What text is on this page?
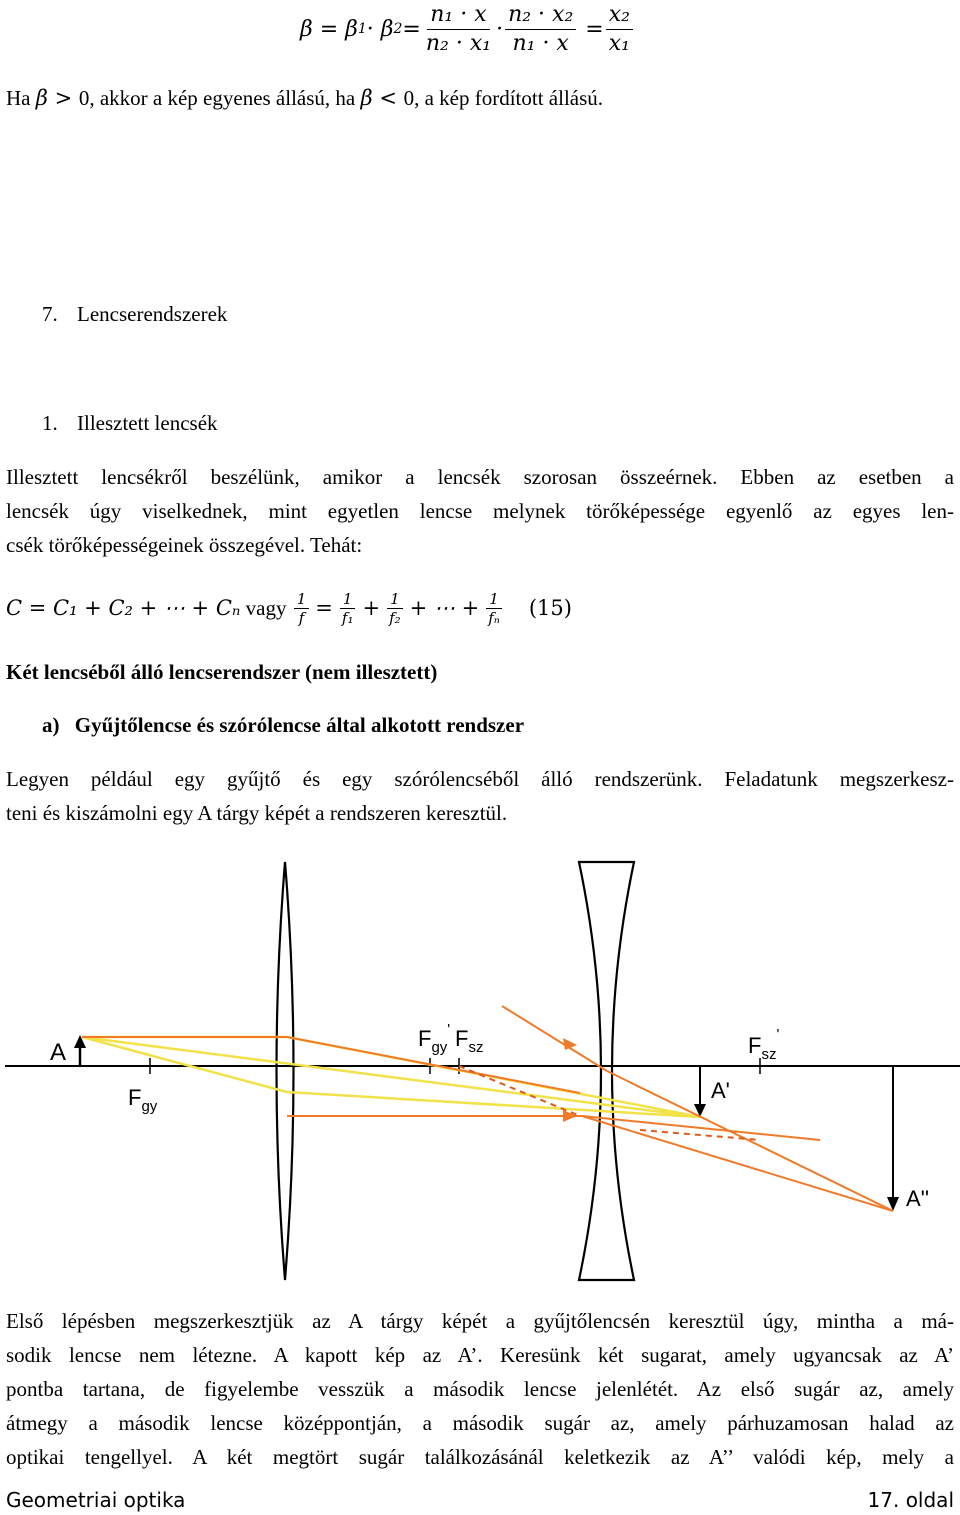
β = β 1 · β $2 = \frac{\text{n₁ · x}}{\text{n₂ · x₁}} \cdot \frac{\text{n₂ · x₂}}{\text{n₁ · x}} = \frac{\text{x₂}}{\text{x₁}}$
Ha β > 0, akkor a kép egyenes állású, ha β < 0, a kép fordított állású.
7. Lencserendszerek
1. Illesztett lencsék
Illesztett lencsékről beszélünk, amikor a lencsék szorosan összeérnek. Ebben az esetben a
lencsék úgy viselkednek, mint egyetlen lencse melynek törőképessége egyenlő az egyes len-
csék törőképességeinek összegével. Tehát:
C = C₁ + C₂ + ⋯ + Cₙ vagy $\frac{1}{f} = \frac{1}{\text{f₁}} + \frac{1}{\text{f₂}}$ + ⋯ + $\frac{1}{\text{fₙ}} (15)$
Két lencséből álló lencserendszer (nem illesztett)
a) Gyűjtőlencse és szórólencse által alkotott rendszer
Legyen például egy gyűjtő és egy szórólencséből álló rendszerünk. Feladatunk megszerkesz-
teni és kiszámolni egy A tárgy képét a rendszeren keresztül.
A
$F_{gy}$
$F_{gy}'$ $F_{sz}$	$F_{sz}'$
A'
A''
Első lépésben megszerkesztjük az A tárgy képét a gyűjtőlencsén keresztül úgy, mintha a má-
sodik lencse nem létezne. A kapott kép az A’. Keresünk két sugarat, amely ugyancsak az A’
pontba tartana, de figyelembe vesszük a második lencse jelenlétét. Az első sugár az, amely
átmegy a második lencse középpontján, a második sugár az, amely párhuzamosan halad az
optikai tengellyel. A két megtört sugár találkozásánál keletkezik az A’’ valódi kép, mely a
Geometriai optika	17. oldal
